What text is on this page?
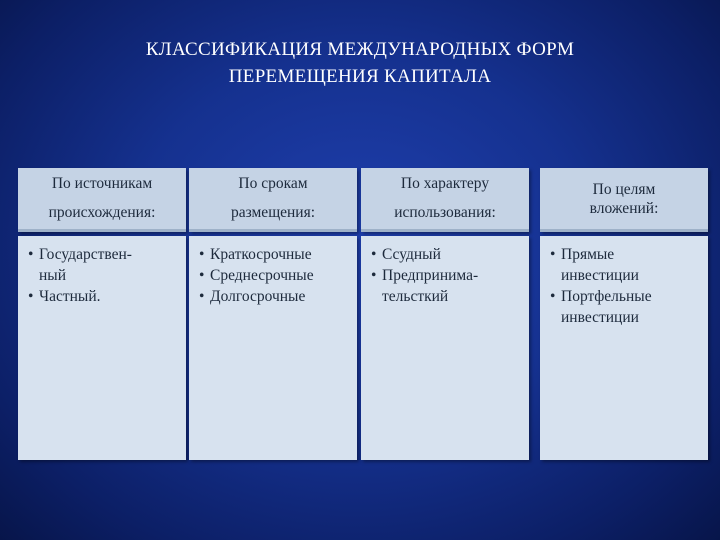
КЛАССИФИКАЦИЯ МЕЖДУНАРОДНЫХ ФОРМ
ПЕРЕМЕЩЕНИЯ КАПИТАЛА
По источникам
происхождения:
• Государствен-
ный
• Частный.
По срокам
размещения:
• Краткосрочные
• Среднесрочные
• Долгосрочные
По характеру
использования:
• Ссудный
• Предпринима-
тельсткий
По целям
вложений:
• Прямые
инвестиции
• Портфельные
инвестиции
